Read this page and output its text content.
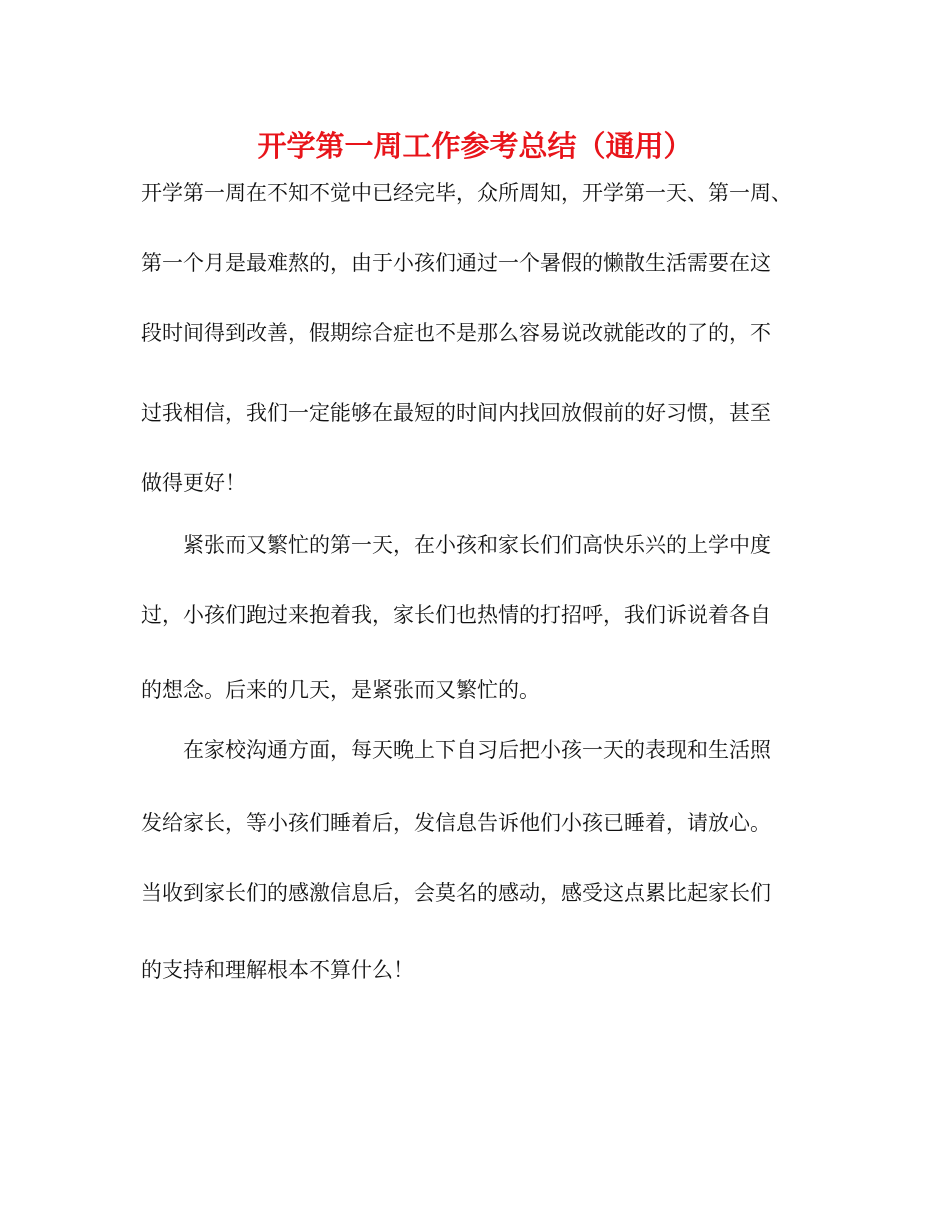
开学第一周工作参考总结（通用）
开学第一周在不知不觉中已经完毕，众所周知，开学第一天、第一周、
第一个月是最难熬的，由于小孩们通过一个暑假的懒散生活需要在这
段时间得到改善，假期综合症也不是那么容易说改就能改的了的，不
过我相信，我们一定能够在最短的时间内找回放假前的好习惯，甚至
做得更好！
紧张而又繁忙的第一天，在小孩和家长们们高快乐兴的上学中度
过，小孩们跑过来抱着我，家长们也热情的打招呼，我们诉说着各自
的想念。后来的几天，是紧张而又繁忙的。
在家校沟通方面，每天晚上下自习后把小孩一天的表现和生活照
发给家长，等小孩们睡着后，发信息告诉他们小孩已睡着，请放心。
当收到家长们的感激信息后，会莫名的感动，感受这点累比起家长们
的支持和理解根本不算什么！
